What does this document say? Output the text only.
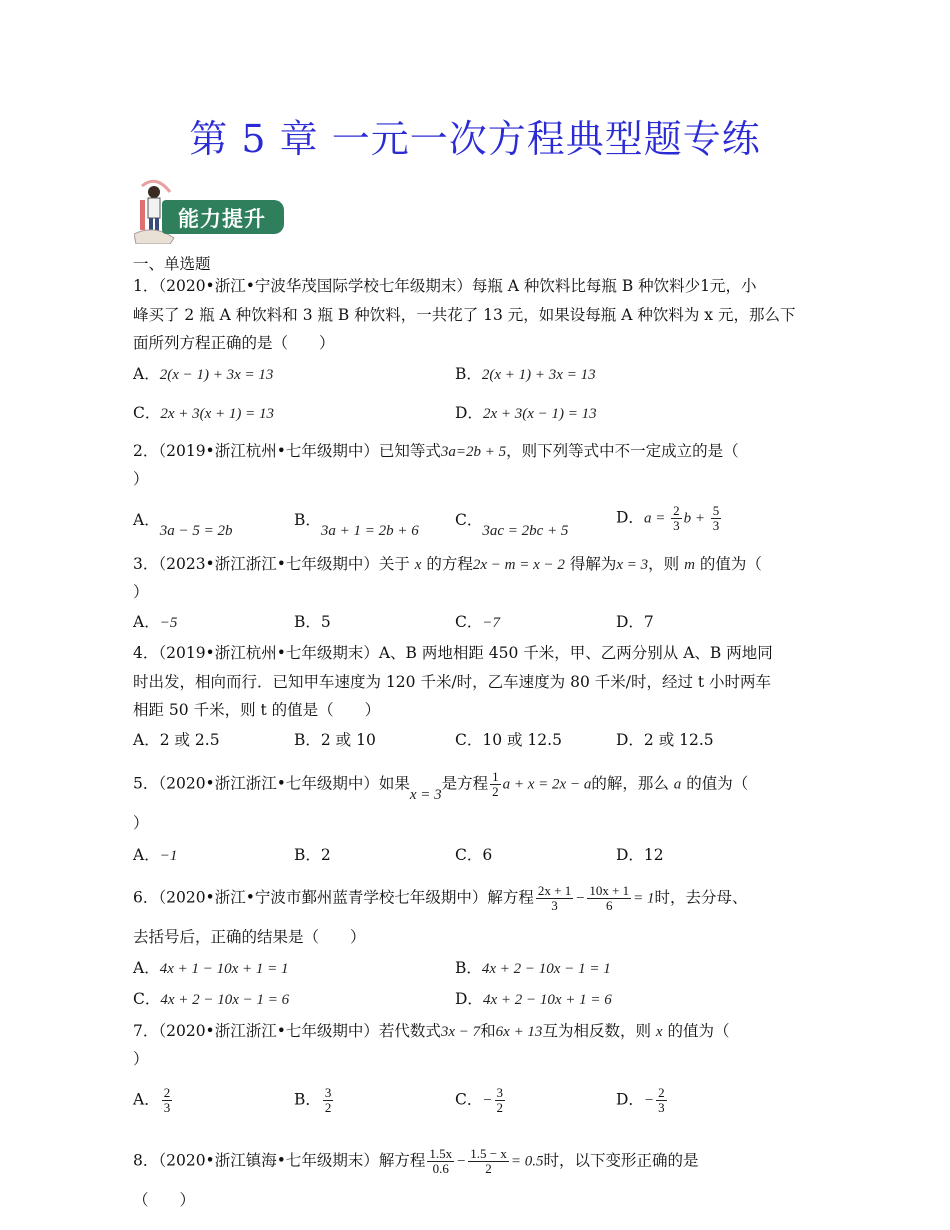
第 5 章 一元一次方程典型题专练
能力提升
一、单选题
1．（2020•浙江•宁波华茂国际学校七年级期末）每瓶 A 种饮料比每瓶 B 种饮料少1元，小
峰买了 2 瓶 A 种饮料和 3 瓶 B 种饮料，一共花了 13 元，如果设每瓶 A 种饮料为 x 元，那么下
面所列方程正确的是（　　）
A．2(x − 1) + 3x = 13	B．2(x + 1) + 3x = 13
C．2x + 3(x + 1) = 13	D．2x + 3(x − 1) = 13
2．（2019•浙江杭州•七年级期中）已知等式3a=2b + 5，则下列等式中不一定成立的是（
）
A．3a − 5 = 2b
B．3a + 1 = 2b + 6
C．3ac = 2bc + 5
D．$a = \frac{2}{3}$ $b + \frac{5}{3}$
3．（2023•浙江浙江•七年级期中）关于 x 的方程2x − m = x − 2 得解为x = 3，则 m 的值为（
）
A．−5	B．5	C．−7	D．7
4．（2019•浙江杭州•七年级期末）A、B 两地相距 450 千米，甲、乙两分别从 A、B 两地同
时出发，相向而行．已知甲车速度为 120 千米/时，乙车速度为 80 千米/时，经过 t 小时两车
相距 50 千米，则 t 的值是（　　）
A．2 或 2.5	B．2 或 10	C．10 或 12.5	D．2 或 12.5
5．（2020•浙江浙江•七年级期中）如果x = 3是方程 $\frac{1}{2}$ a + x = 2x − a的解，那么 a 的值为（
）
A．−1	B．2	C．6	D．12
6．（2020•浙江•宁波市鄞州蓝青学校七年级期中）解方程 $\frac{2x + 1}{3} - \frac{10x + 1}{6} = 1$时，去分母、
去括号后，正确的结果是（　　）
A．4x + 1 − 10x + 1 = 1	B．4x + 2 − 10x − 1 = 1
C．4x + 2 − 10x − 1 = 6	D．4x + 2 − 10x + 1 = 6
7．（2020•浙江浙江•七年级期中）若代数式3x − 7和6x + 13互为相反数，则 x 的值为（
）
A． $\frac{2}{3}$	B． $\frac{3}{2}$	C．− $\frac{3}{2}$	D．− $\frac{2}{3}$
8．（2020•浙江镇海•七年级期末）解方程 $\frac{1.5x}{0.6} - \frac{1.5 - x}{2} = 0.5$时，以下变形正确的是
（　　）
